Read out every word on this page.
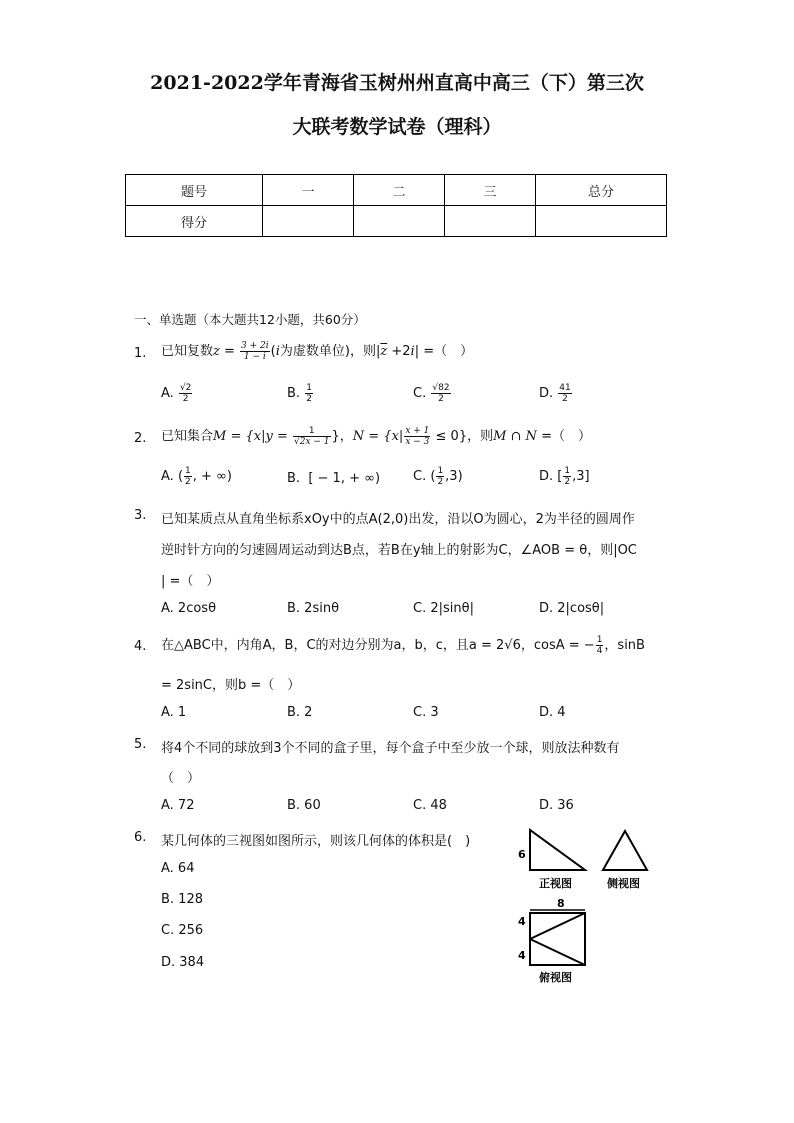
2021-2022学年青海省玉树州州直高中高三（下）第三次
大联考数学试卷（理科）
题号	一	二	三	总分
得分				
一、单选题（本大题共12小题，共60分）
1. 已知复数$z = \frac{3 + 2i}{1 - i} (i$为虚数单位)，则$|\overline{z} +2i|$ =（　）
A. $\frac{√2}{2}$	B. $\frac{1}{2}$	C. $\frac{√82}{2}$	D. $\frac{41}{2}$
2. 已知集合$M = \{x|y = \frac{1}{√2x - 1}$ }，$N = \{x| \frac{x + 1}{x - 3} \le 0\}$，则M ∩ N =（　）
A. ( $\frac{1}{2}$ , + ∞)	B. [ − 1, + ∞)	C. ( $\frac{1}{2} ,3$)	D. [ $\frac{1}{2} ,3$]
3. 已知某质点从直角坐标系xOy中的点A(2,0)出发，沿以O为圆心，2为半径的圆周作
逆时针方向的匀速圆周运动到达B点，若B在y轴上的射影为C，∠AOB = θ，则|OC
| =（　）
A. 2cosθ	B. 2sinθ	C. 2|sinθ|	D. 2|cosθ|
4. 在△ABC中，内角A，B，C的对边分别为a，b，c，且a = 2√6，cosA = − $\frac{1}{4}$ ，sinB
= 2sinC，则b =（　）
A. 1	B. 2	C. 3	D. 4
5. 将4个不同的球放到3个不同的盒子里，每个盒子中至少放一个球，则放法种数有
（　）
A. 72	B. 60	C. 48	D. 36
6. 某几何体的三视图如图所示，则该几何体的体积是(　)
A. 64
B. 128
C. 256
D. 384
6
正视图	侧视图
8
4
4
俯视图
